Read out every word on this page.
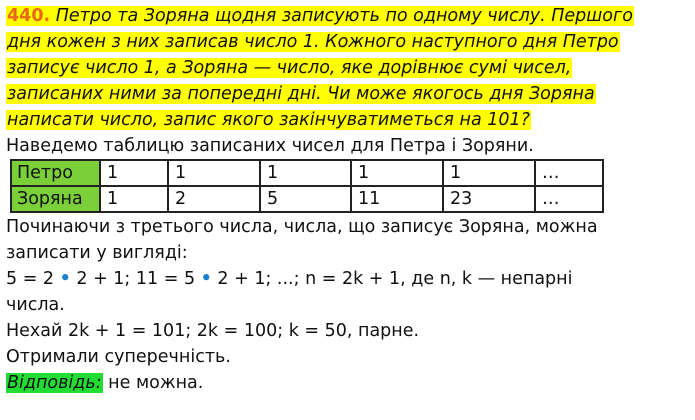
440. Петро та Зоряна щодня записують по одному числу. Першого
дня кожен з них записав число 1. Кожного наступного дня Петро
записує число 1, а Зоряна — число, яке дорівнює сумі чисел,
записаних ними за попередні дні. Чи може якогось дня Зоряна
написати число, запис якого закінчуватиметься на 101?
Наведемо таблицю записаних чисел для Петра і Зоряни.
Петро	1	1	1	1	1	…
Зоряна	1	2	5	11	23	…
Починаючи з третього числа, числа, що записує Зоряна, можна
записати у вигляді:
5 = 2 • 2 + 1; 11 = 5 • 2 + 1; ...; n = 2k + 1, де n, k — непарні
числа.
Нехай 2k + 1 = 101; 2k = 100; k = 50, парне.
Отримали суперечність.
Відповідь: не можна.
